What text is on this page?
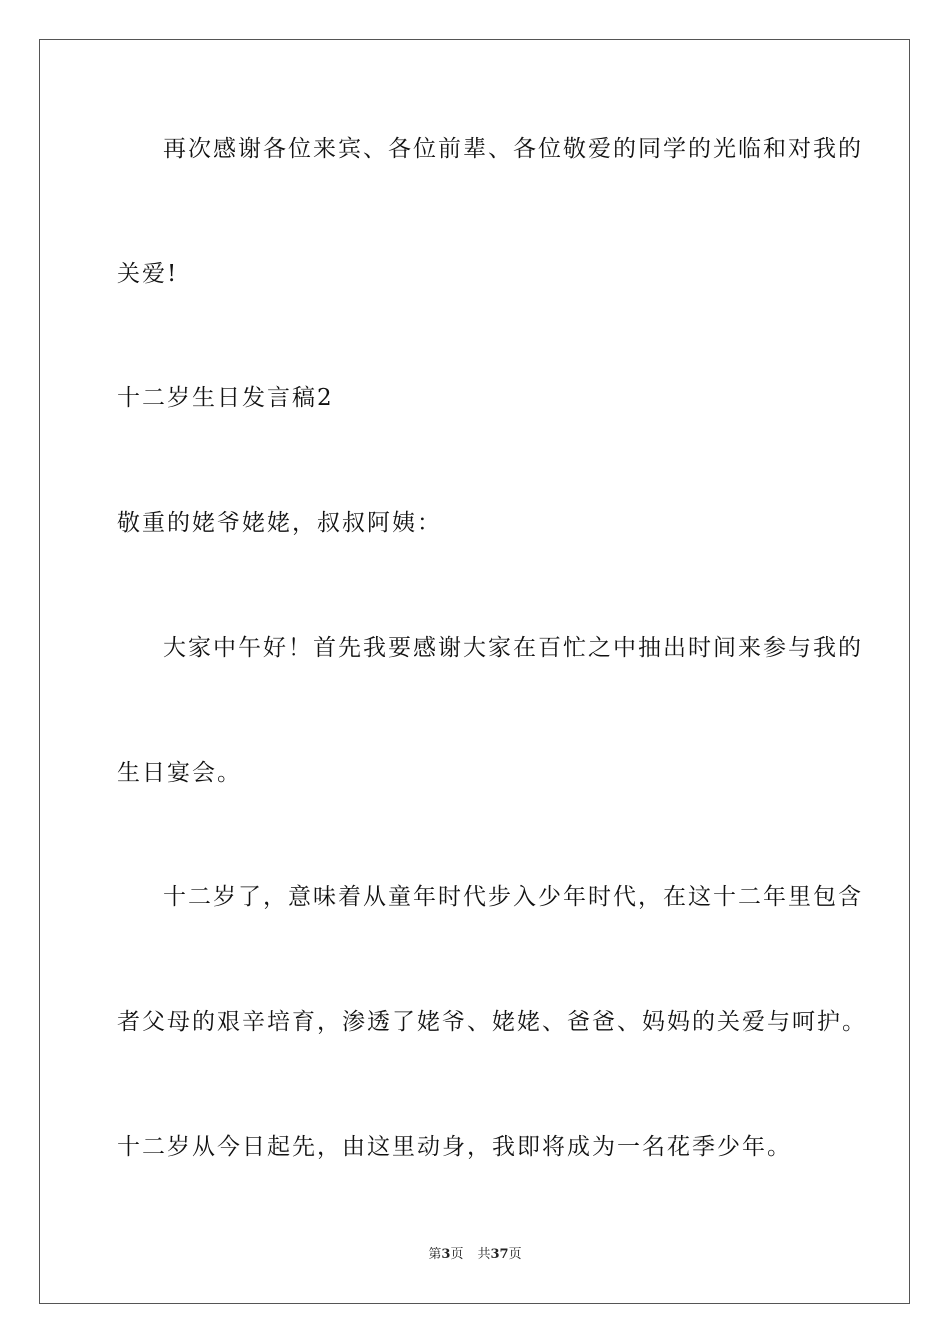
再次感谢各位来宾、各位前辈、各位敬爱的同学的光临和对我的
关爱!
十二岁生日发言稿2
敬重的姥爷姥姥，叔叔阿姨：
大家中午好！首先我要感谢大家在百忙之中抽出时间来参与我的
生日宴会。
十二岁了，意味着从童年时代步入少年时代，在这十二年里包含
者父母的艰辛培育，渗透了姥爷、姥姥、爸爸、妈妈的关爱与呵护。
十二岁从今日起先，由这里动身，我即将成为一名花季少年。
第3页 共37页
